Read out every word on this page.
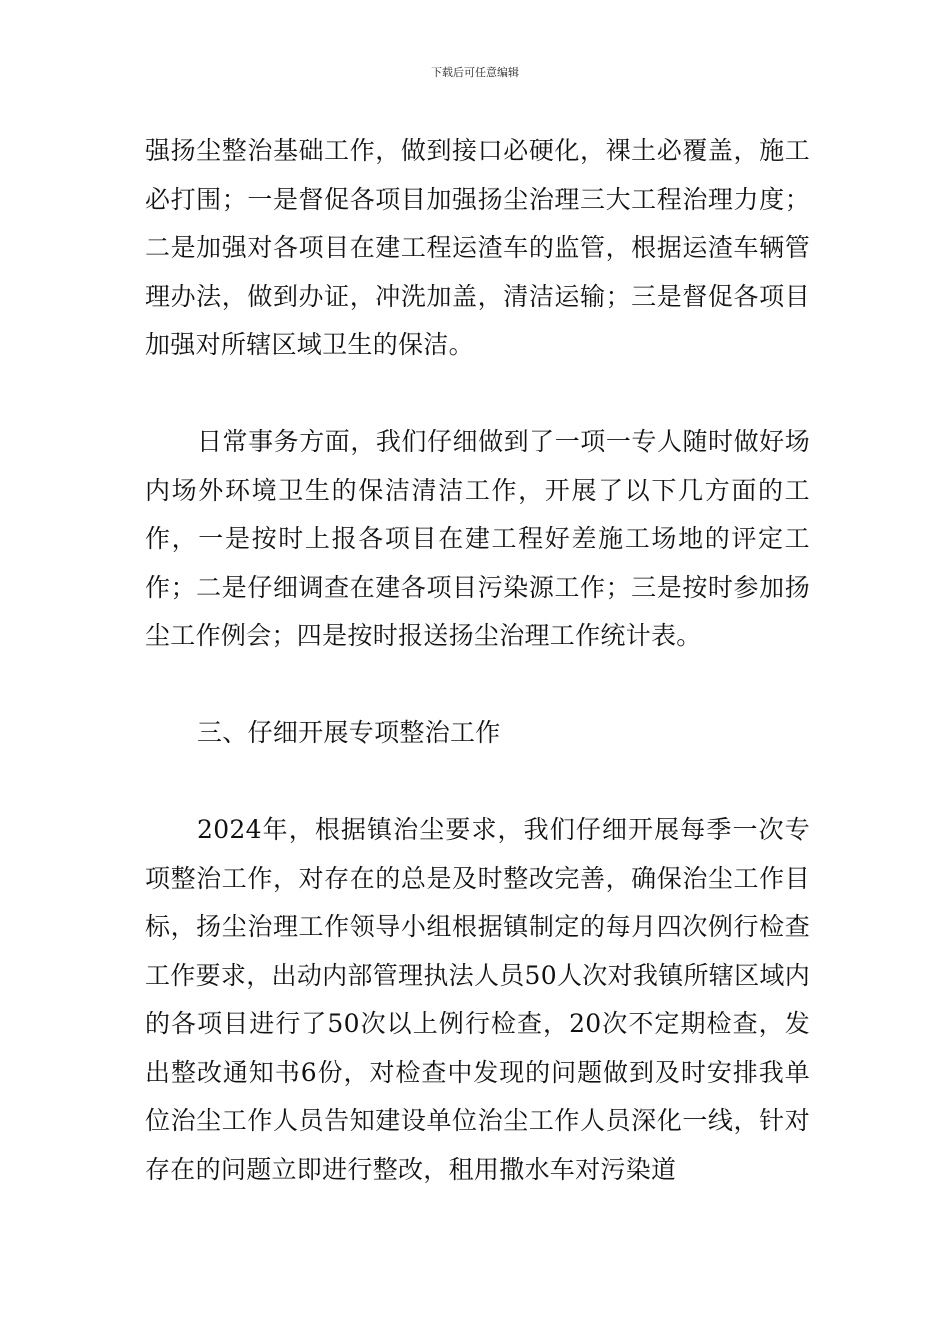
下载后可任意编辑

强扬尘整治基础工作，做到接口必硬化，裸土必覆盖，施工必打围；一是督促各项目加强扬尘治理三大工程治理力度；二是加强对各项目在建工程运渣车的监管，根据运渣车辆管理办法，做到办证，冲洗加盖，清洁运输；三是督促各项目加强对所辖区域卫生的保洁。

日常事务方面，我们仔细做到了一项一专人随时做好场内场外环境卫生的保洁清洁工作，开展了以下几方面的工作，一是按时上报各项目在建工程好差施工场地的评定工作；二是仔细调查在建各项目污染源工作；三是按时参加扬尘工作例会；四是按时报送扬尘治理工作统计表。

三、仔细开展专项整治工作

2024年，根据镇治尘要求，我们仔细开展每季一次专项整治工作，对存在的总是及时整改完善，确保治尘工作目标，扬尘治理工作领导小组根据镇制定的每月四次例行检查工作要求，出动内部管理执法人员50人次对我镇所辖区域内的各项目进行了50次以上例行检查，20次不定期检查，发出整改通知书6份，对检查中发现的问题做到及时安排我单位治尘工作人员告知建设单位治尘工作人员深化一线，针对存在的问题立即进行整改，租用撒水车对污染道
